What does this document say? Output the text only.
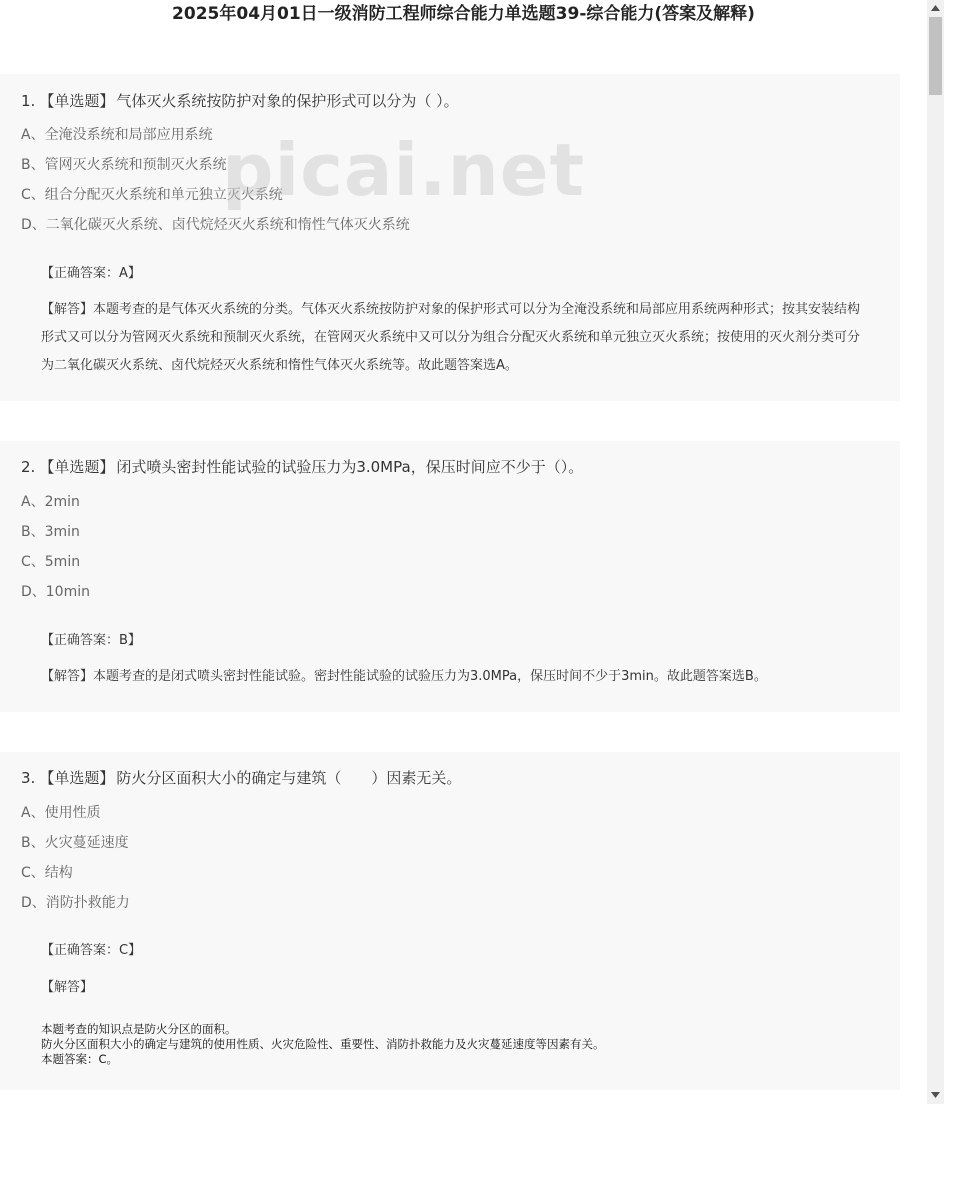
2025年04月01日一级消防工程师综合能力单选题39-综合能力(答案及解释)
picai.net
1. 【单选题】 气体灭火系统按防护对象的保护形式可以分为（ ）。
A、全淹没系统和局部应用系统
B、管网灭火系统和预制灭火系统
C、组合分配灭火系统和单元独立灭火系统
D、二氧化碳灭火系统、卤代烷烃灭火系统和惰性气体灭火系统
【正确答案：A】
【解答】本题考查的是气体灭火系统的分类。气体灭火系统按防护对象的保护形式可以分为全淹没系统和局部应用系统两种形式；按其安装结构形式又可以分为管网灭火系统和预制灭火系统，在管网灭火系统中又可以分为组合分配灭火系统和单元独立灭火系统；按使用的灭火剂分类可分为二氧化碳灭火系统、卤代烷烃灭火系统和惰性气体灭火系统等。故此题答案选A。
2. 【单选题】 闭式喷头密封性能试验的试验压力为3.0MPa，保压时间应不少于（）。
A、2min
B、3min
C、5min
D、10min
【正确答案：B】
【解答】本题考查的是闭式喷头密封性能试验。密封性能试验的试验压力为3.0MPa，保压时间不少于3min。故此题答案选B。
3. 【单选题】 防火分区面积大小的确定与建筑（　　）因素无关。
A、使用性质
B、火灾蔓延速度
C、结构
D、消防扑救能力
【正确答案：C】
【解答】
本题考查的知识点是防火分区的面积。
防火分区面积大小的确定与建筑的使用性质、火灾危险性、重要性、消防扑救能力及火灾蔓延速度等因素有关。
本题答案：C。
